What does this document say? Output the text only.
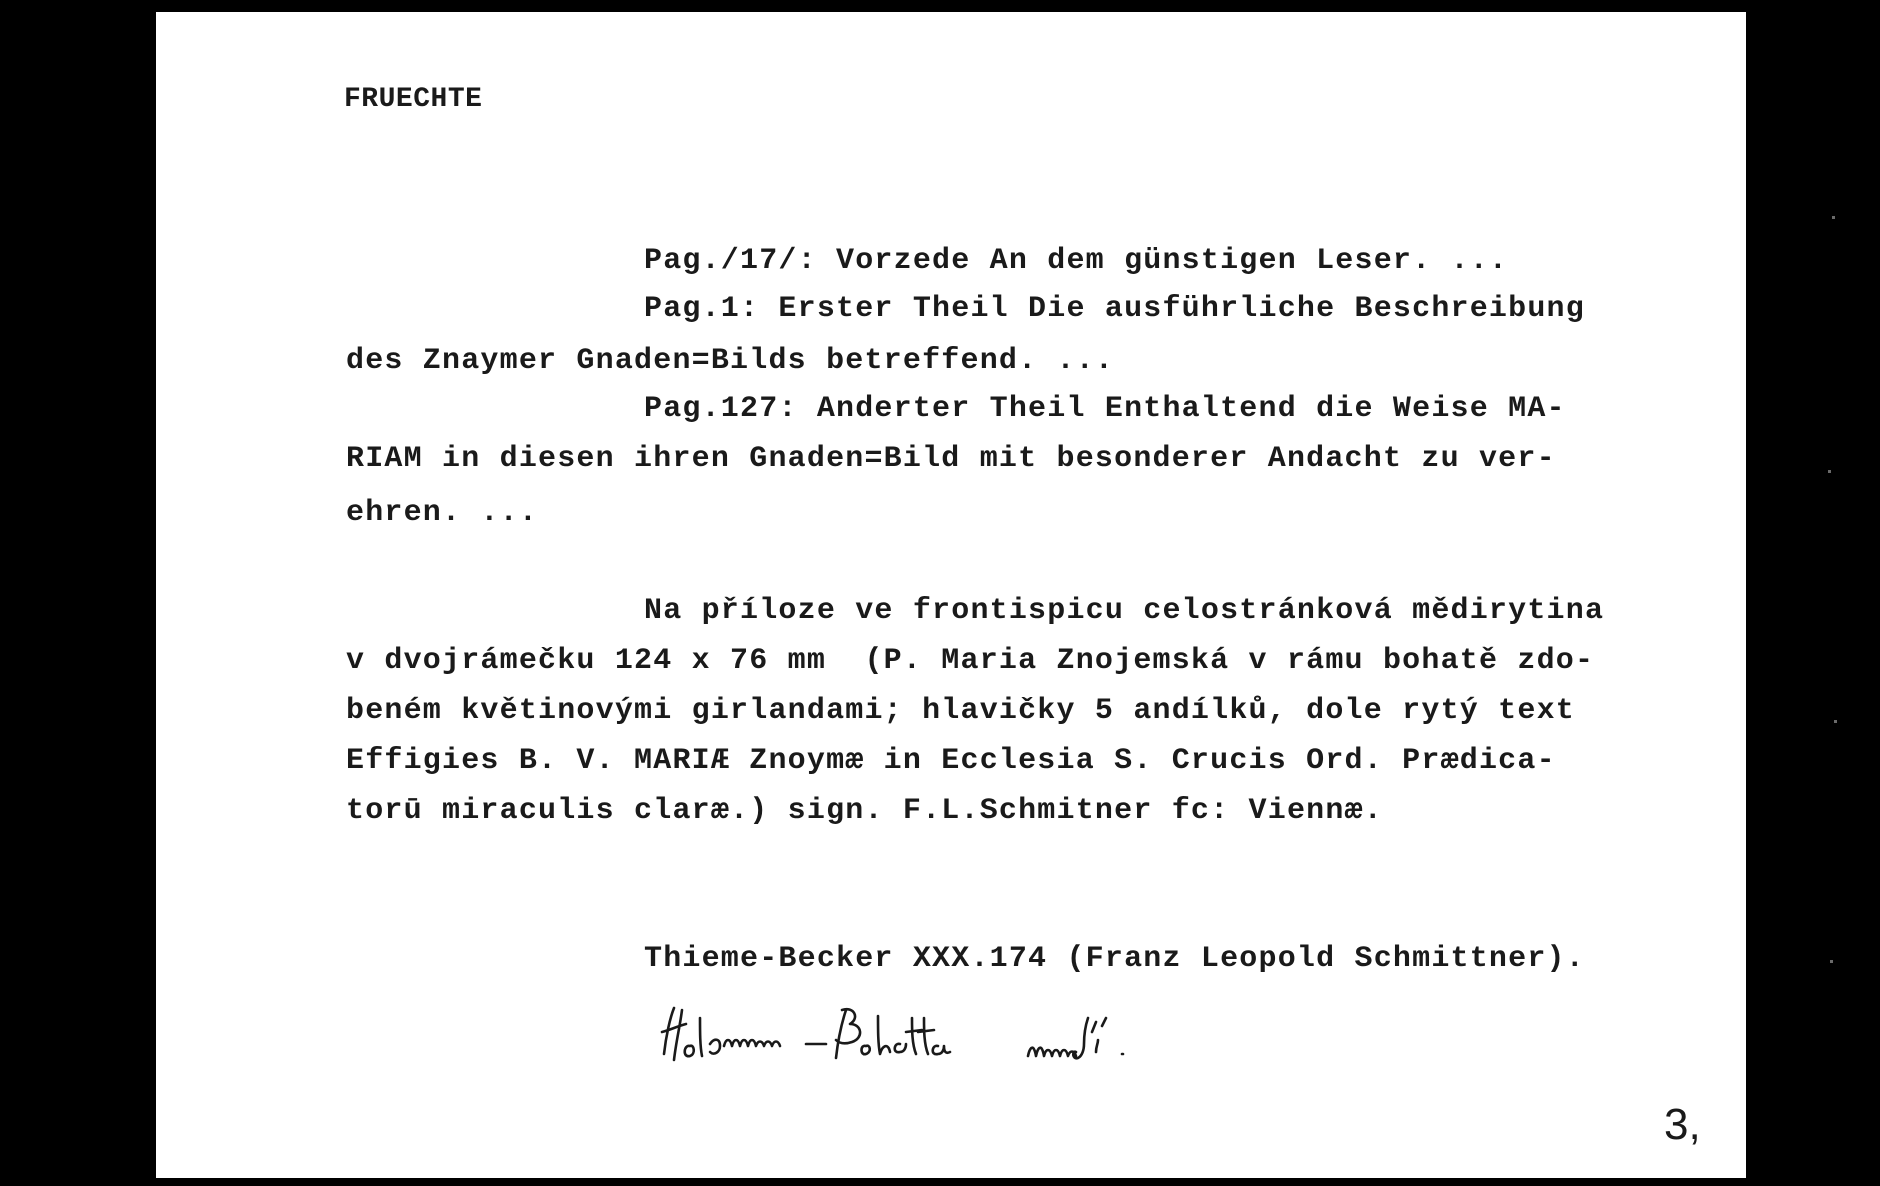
FRUECHTE
Pag./17/: Vorzede An dem günstigen Leser. ...
Pag.1: Erster Theil Die ausführliche Beschreibung
des Znaymer Gnaden=Bilds betreffend. ...
Pag.127: Anderter Theil Enthaltend die Weise MA-
RIAM in diesen ihren Gnaden=Bild mit besonderer Andacht zu ver-
ehren. ...
Na příloze ve frontispicu celostránková mědirytina
v dvojrámečku 124 x 76 mm  (P. Maria Znojemská v rámu bohatě zdo-
beném květinovými girlandami; hlavičky 5 andílků, dole rytý text
Effigies B. V. MARIÆ Znoymæ in Ecclesia S. Crucis Ord. Prædica-
torū miraculis claræ.) sign. F.L.Schmitner fc: Viennæ.
Thieme-Becker XXX.174 (Franz Leopold Schmittner).
3,
